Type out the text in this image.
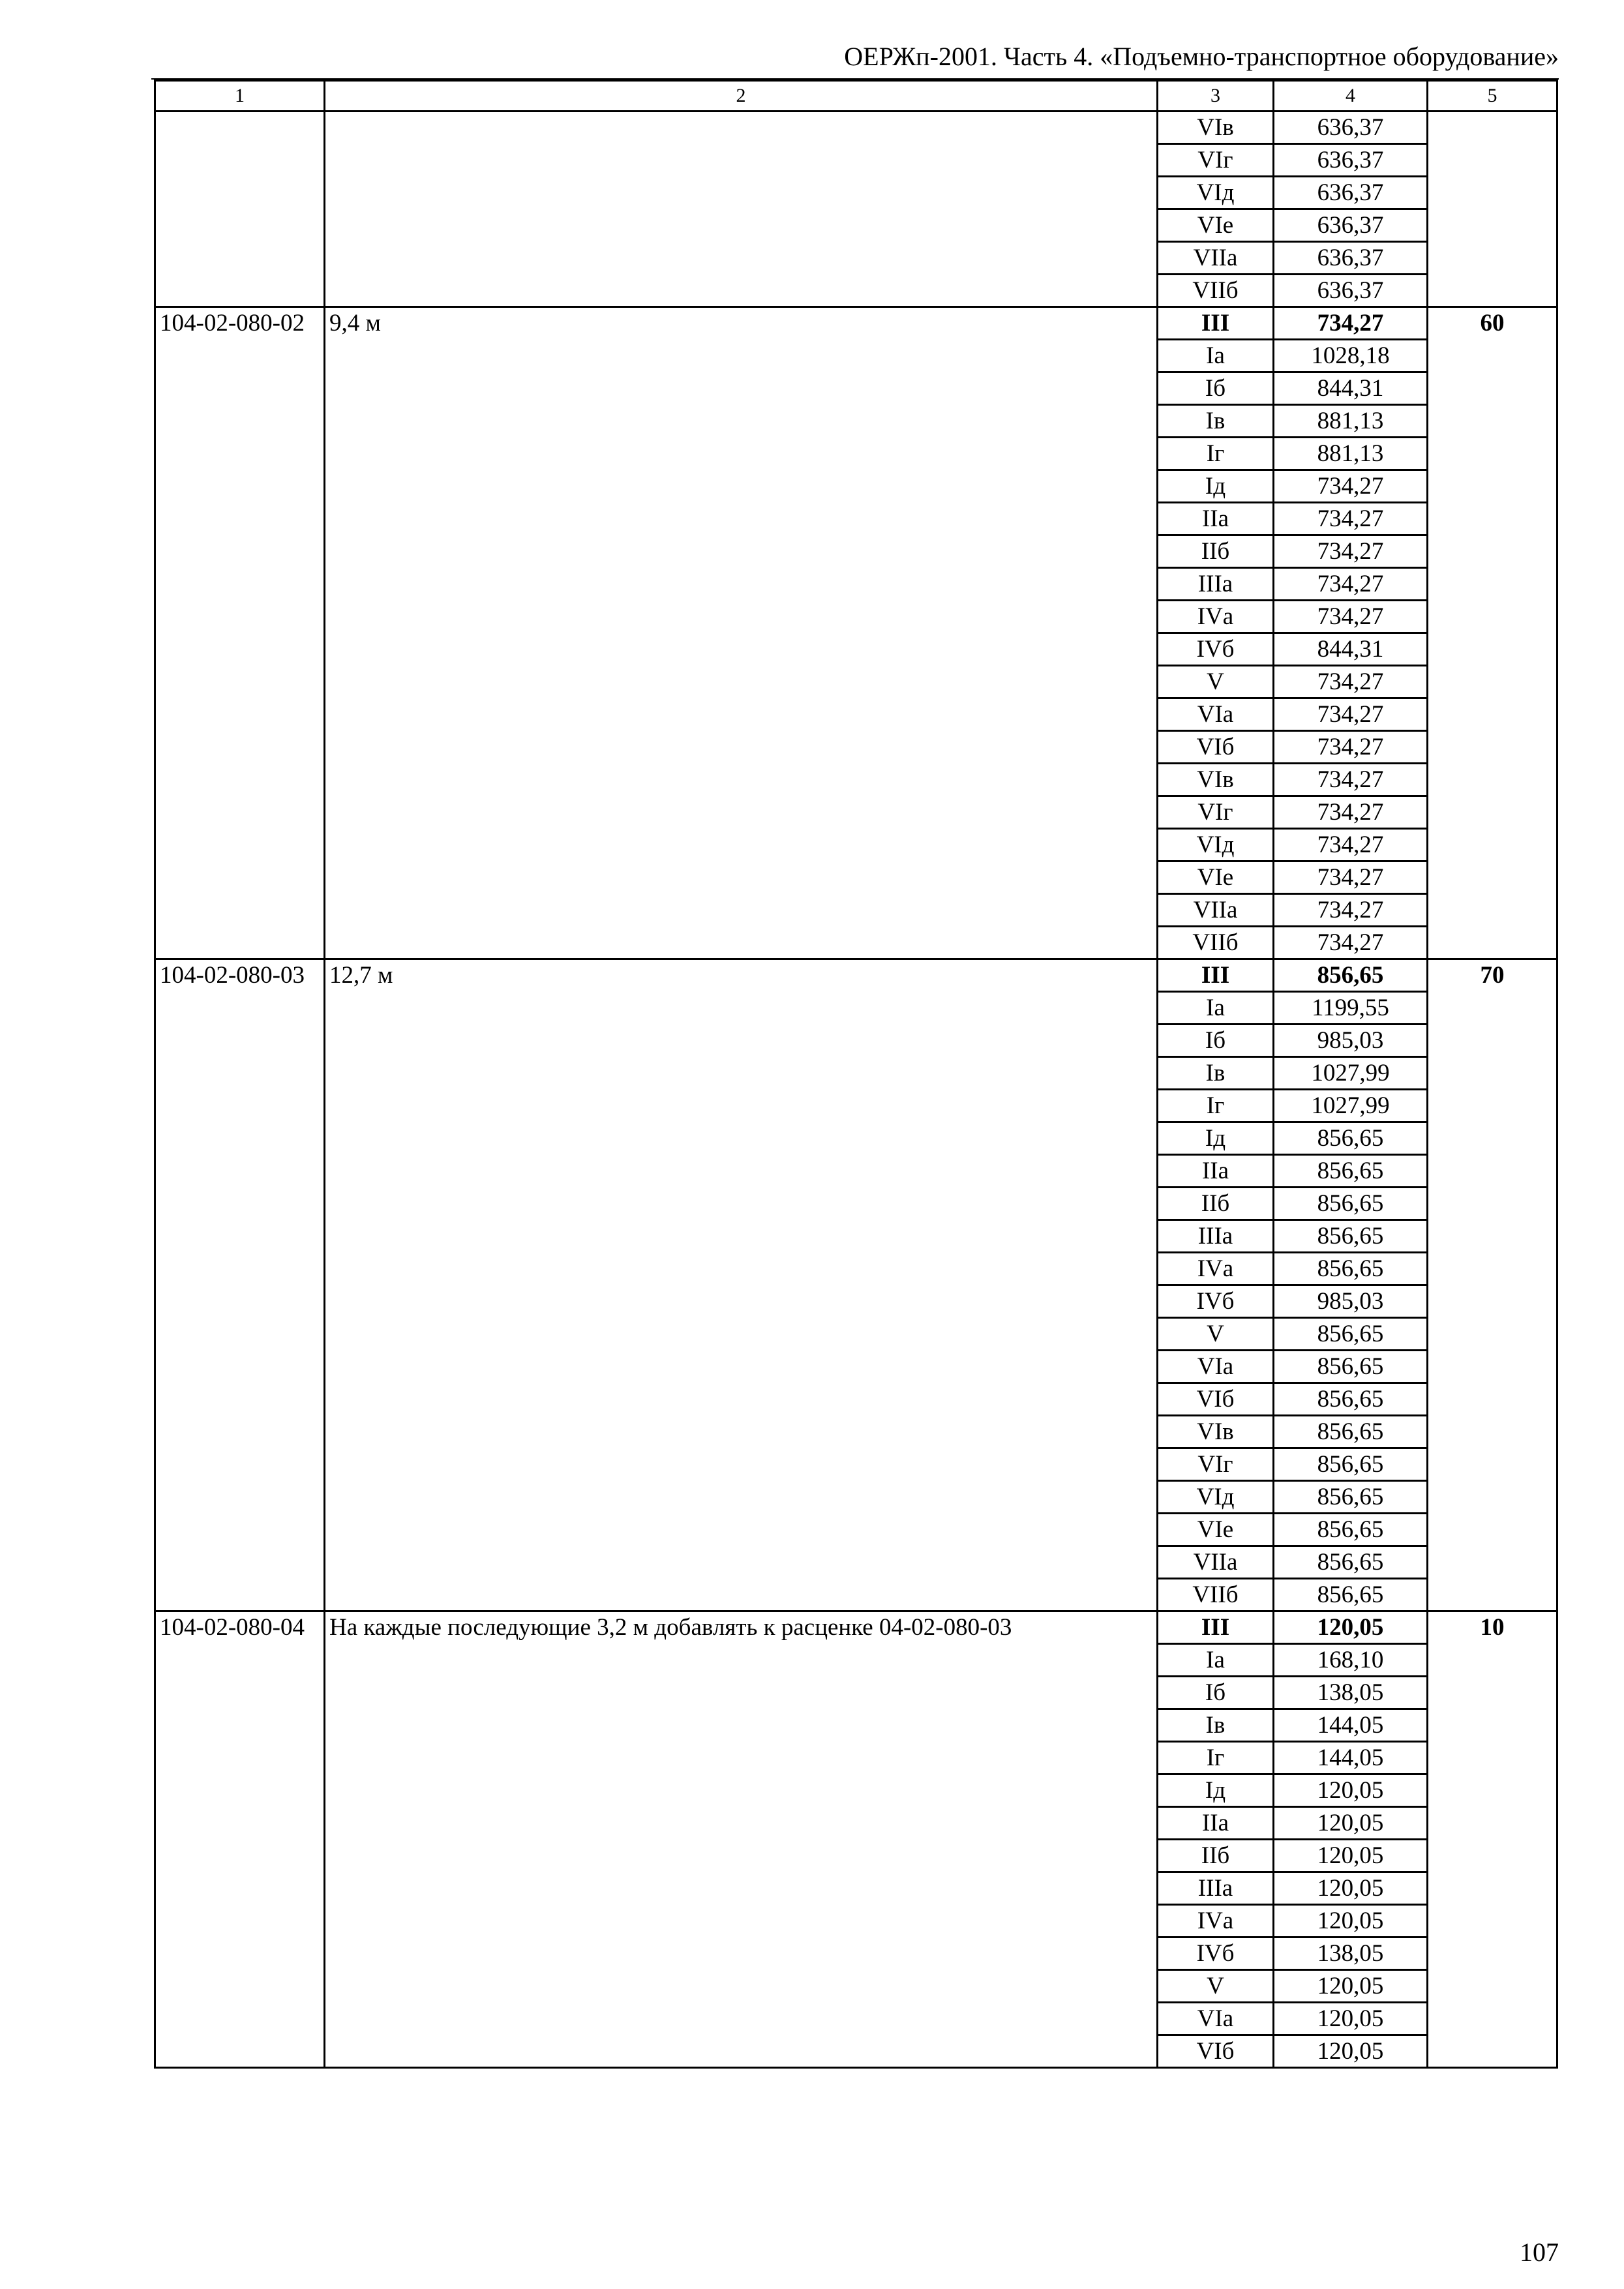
ОЕРЖп-2001. Часть 4. «Подъемно-транспортное оборудование»
1	2	3	4	5
		VIв	636,37	
		VIг	636,37	
		VIд	636,37	
		VIе	636,37	
		VIIа	636,37	
		VIIб	636,37	
104-02-080-02	9,4 м	III	734,27	60
		Iа	1028,18	
		Iб	844,31	
		Iв	881,13	
		Iг	881,13	
		Iд	734,27	
		IIа	734,27	
		IIб	734,27	
		IIIа	734,27	
		IVа	734,27	
		IVб	844,31	
		V	734,27	
		VIа	734,27	
		VIб	734,27	
		VIв	734,27	
		VIг	734,27	
		VIд	734,27	
		VIе	734,27	
		VIIа	734,27	
		VIIб	734,27	
104-02-080-03	12,7 м	III	856,65	70
		Iа	1199,55	
		Iб	985,03	
		Iв	1027,99	
		Iг	1027,99	
		Iд	856,65	
		IIа	856,65	
		IIб	856,65	
		IIIа	856,65	
		IVа	856,65	
		IVб	985,03	
		V	856,65	
		VIа	856,65	
		VIб	856,65	
		VIв	856,65	
		VIг	856,65	
		VIд	856,65	
		VIе	856,65	
		VIIа	856,65	
		VIIб	856,65	
104-02-080-04	На каждые последующие 3,2 м добавлять к расценке 04-02-080-03	III	120,05	10
		Iа	168,10	
		Iб	138,05	
		Iв	144,05	
		Iг	144,05	
		Iд	120,05	
		IIа	120,05	
		IIб	120,05	
		IIIа	120,05	
		IVа	120,05	
		IVб	138,05	
		V	120,05	
		VIа	120,05	
		VIб	120,05	
107
